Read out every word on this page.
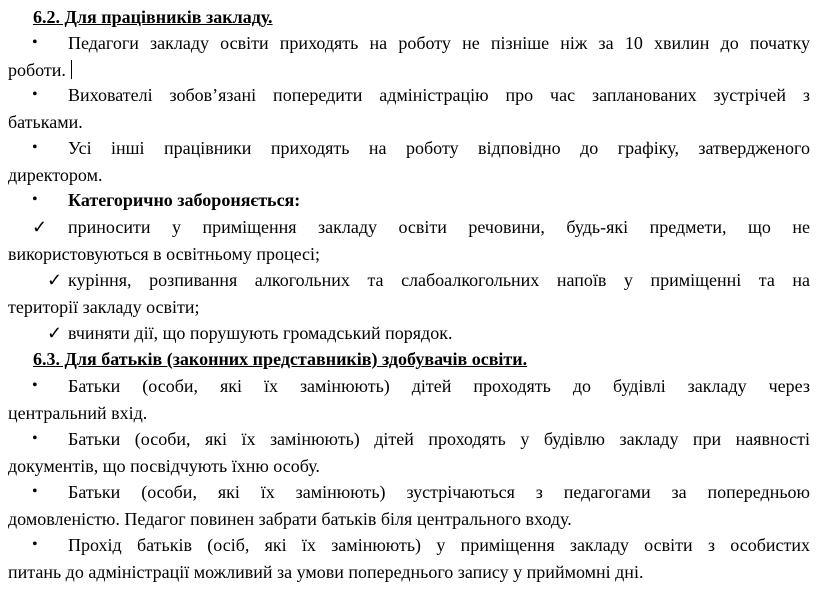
6.2. Для працівників закладу.
• Педагоги закладу освіти приходять на роботу не пізніше ніж за 10 хвилин до початку
роботи.
• Вихователі зобов’язані попередити адміністрацію про час запланованих зустрічей з
батьками.
• Усі інші працівники приходять на роботу відповідно до графіку, затвердженого
директором.
• Категорично забороняється:
✓ приносити у приміщення закладу освіти речовини, будь-які предмети, що не
використовуються в освітньому процесі;
✓ куріння, розпивання алкогольних та слабоалкогольних напоїв у приміщенні та на
території закладу освіти;
✓ вчиняти дії, що порушують громадський порядок.
6.3. Для батьків (законних представників) здобувачів освіти.
• Батьки (особи, які їх замінюють) дітей проходять до будівлі закладу через
центральний вхід.
• Батьки (особи, які їх замінюють) дітей проходять у будівлю закладу при наявності
документів, що посвідчують їхню особу.
• Батьки (особи, які їх замінюють) зустрічаються з педагогами за попередньою
домовленістю. Педагог повинен забрати батьків біля центрального входу.
• Прохід батьків (осіб, які їх замінюють) у приміщення закладу освіти з особистих
питань до адміністрації можливий за умови попереднього запису у приймомні дні.
